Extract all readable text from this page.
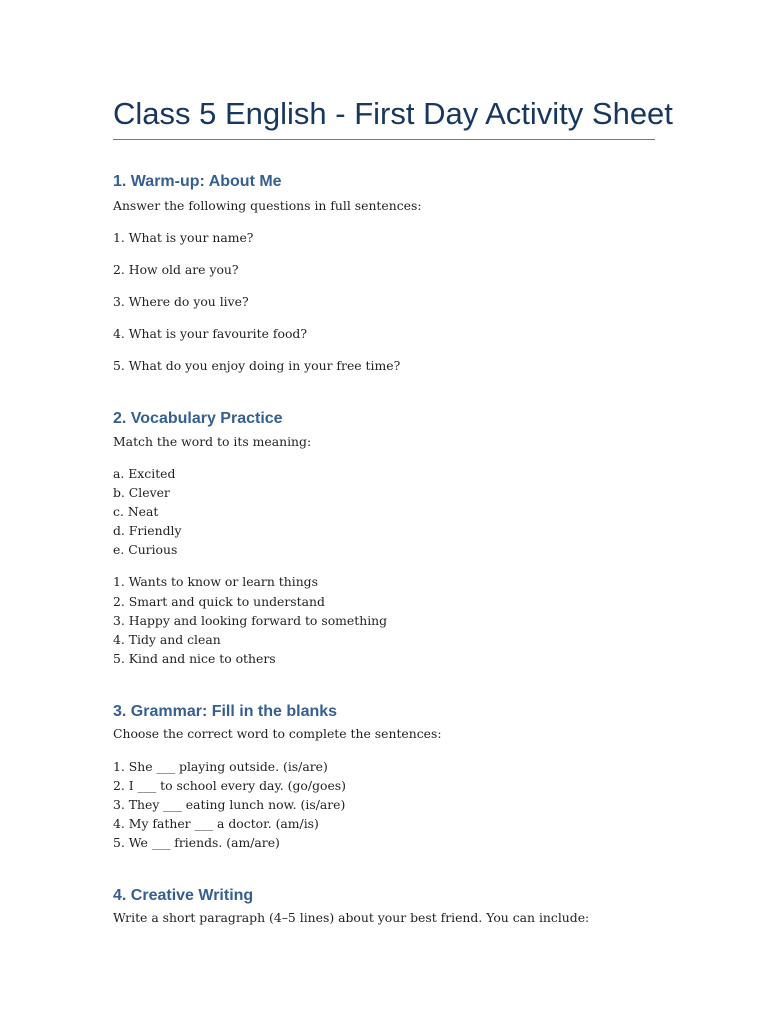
Class 5 English - First Day Activity Sheet
1. Warm-up: About Me
Answer the following questions in full sentences:
1. What is your name?
2. How old are you?
3. Where do you live?
4. What is your favourite food?
5. What do you enjoy doing in your free time?
2. Vocabulary Practice
Match the word to its meaning:
a. Excited
b. Clever
c. Neat
d. Friendly
e. Curious
1. Wants to know or learn things
2. Smart and quick to understand
3. Happy and looking forward to something
4. Tidy and clean
5. Kind and nice to others
3. Grammar: Fill in the blanks
Choose the correct word to complete the sentences:
1. She ___ playing outside. (is/are)
2. I ___ to school every day. (go/goes)
3. They ___ eating lunch now. (is/are)
4. My father ___ a doctor. (am/is)
5. We ___ friends. (am/are)
4. Creative Writing
Write a short paragraph (4–5 lines) about your best friend. You can include:
